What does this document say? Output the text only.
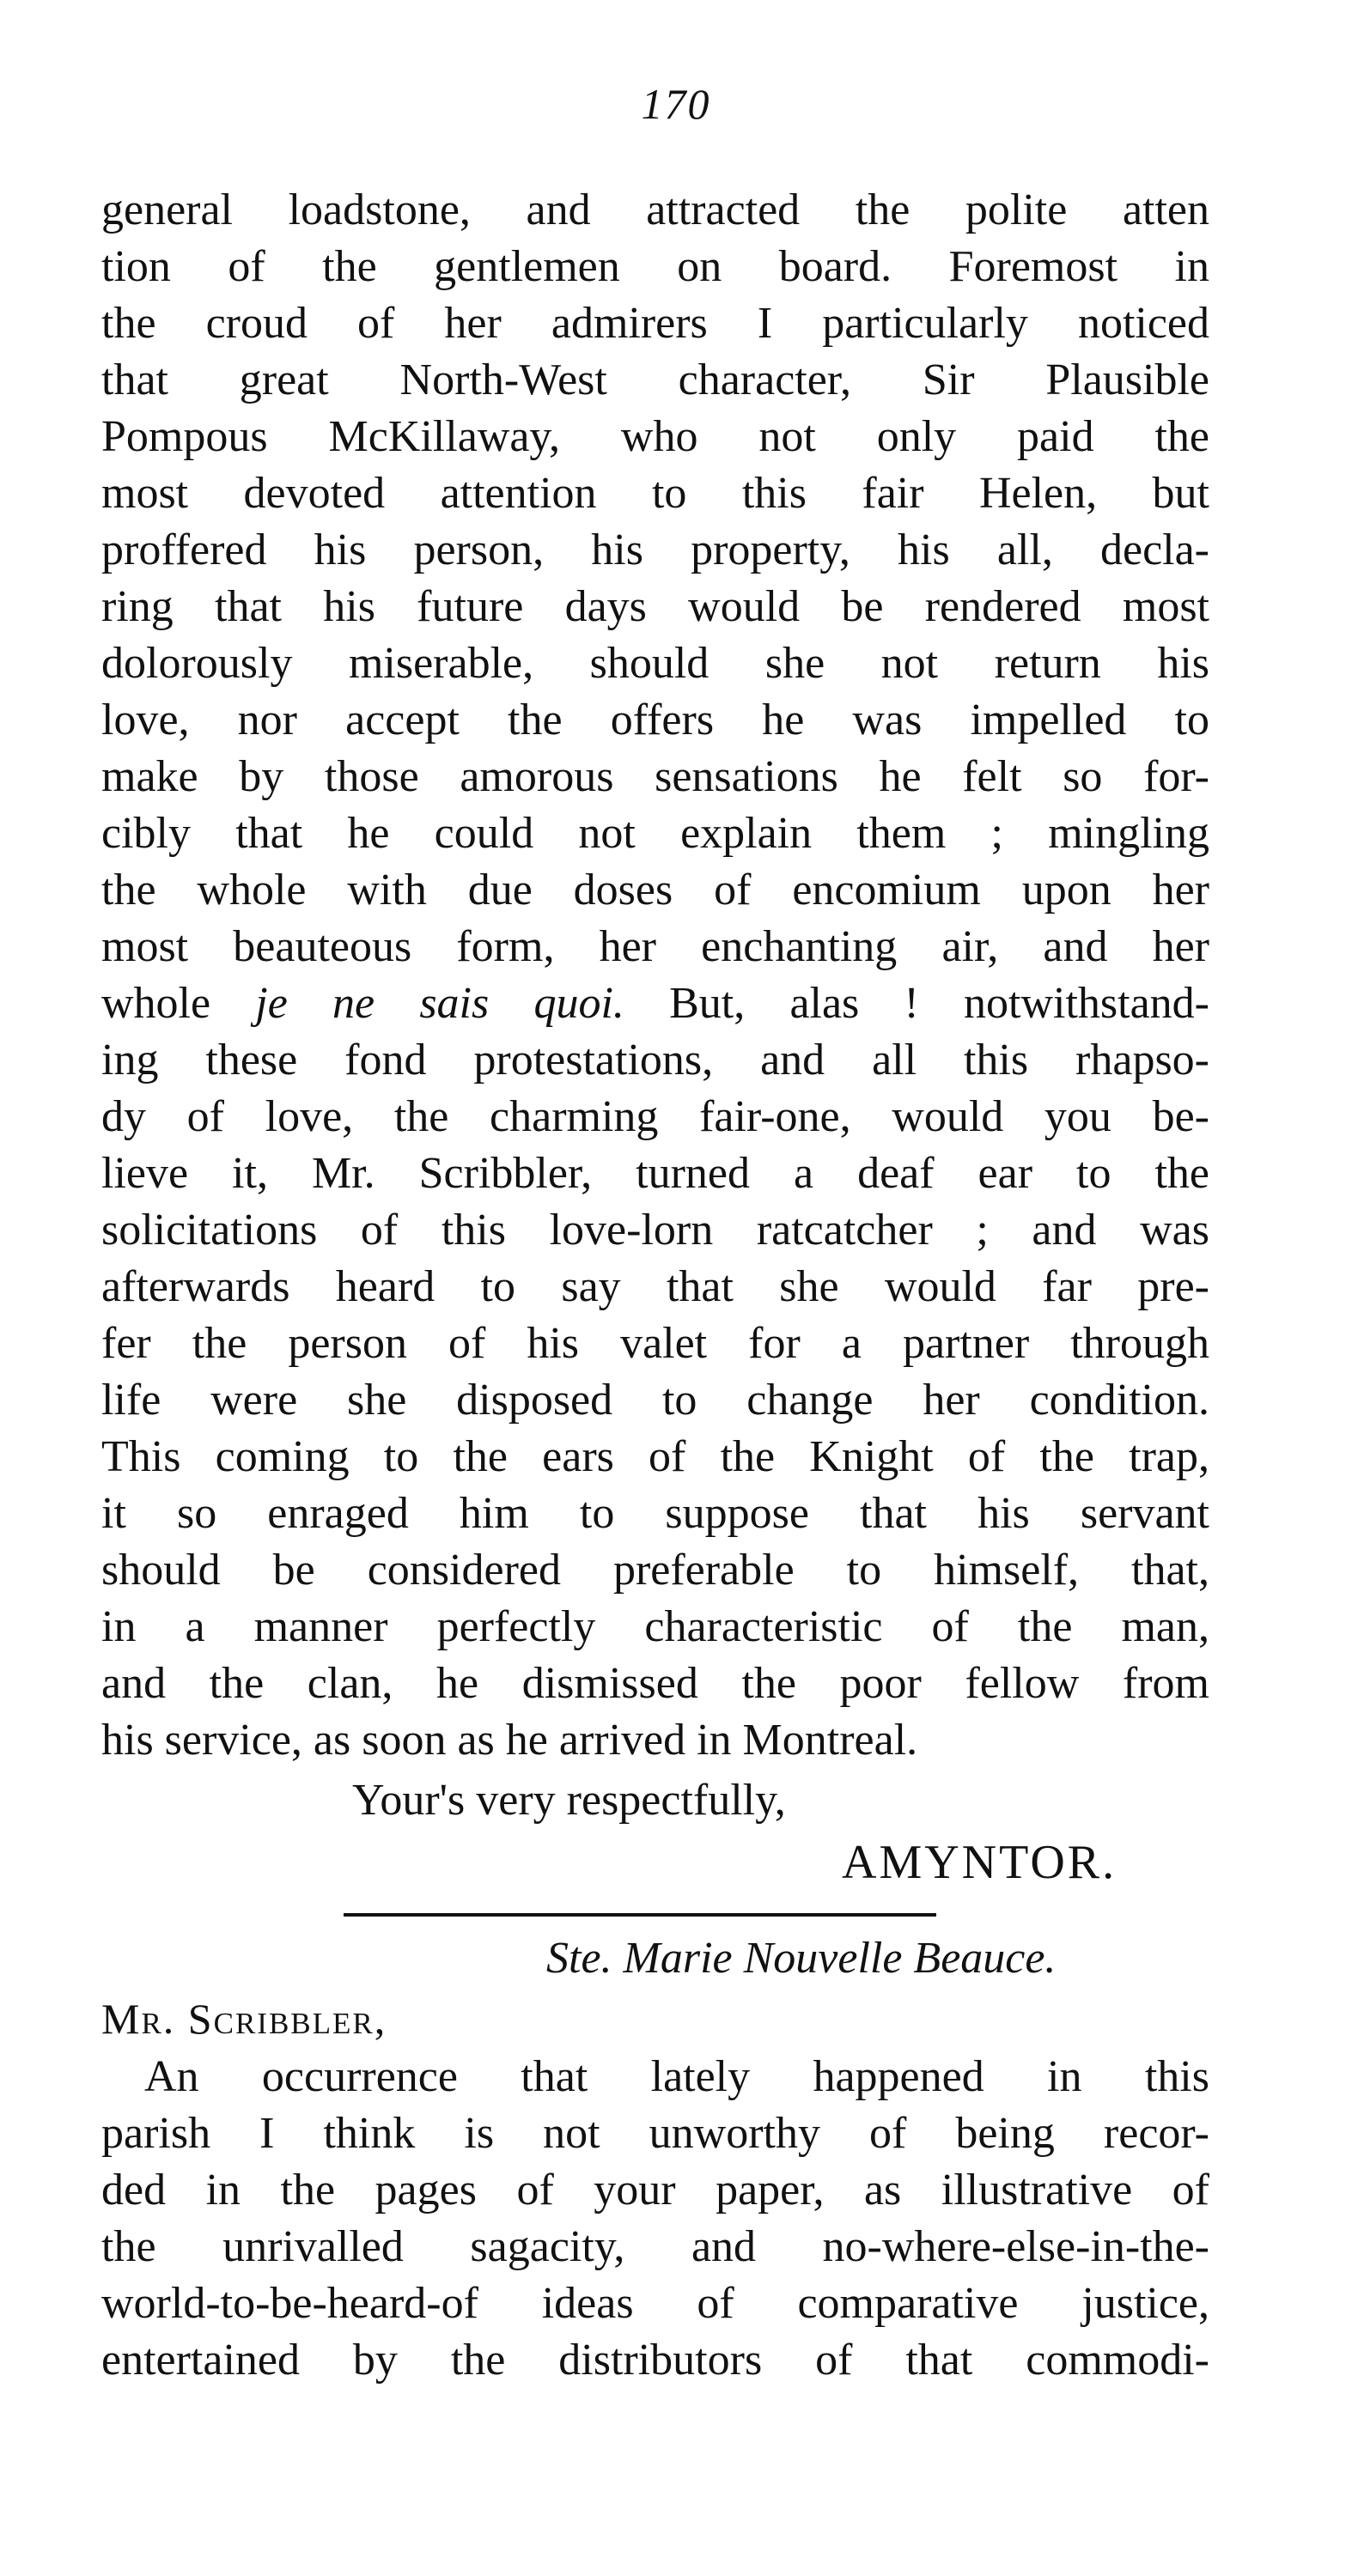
170
general loadstone, and attracted the polite atten
tion of the gentlemen on board. Foremost in
the croud of her admirers I particularly noticed
that great North-West character, Sir Plausible
Pompous McKillaway, who not only paid the
most devoted attention to this fair Helen, but
proffered his person, his property, his all, decla-
ring that his future days would be rendered most
dolorously miserable, should she not return his
love, nor accept the offers he was impelled to
make by those amorous sensations he felt so for-
cibly that he could not explain them ; mingling
the whole with due doses of encomium upon her
most beauteous form, her enchanting air, and her
whole je ne sais quoi. But, alas ! notwithstand-
ing these fond protestations, and all this rhapso-
dy of love, the charming fair-one, would you be-
lieve it, Mr. Scribbler, turned a deaf ear to the
solicitations of this love-lorn ratcatcher ; and was
afterwards heard to say that she would far pre-
fer the person of his valet for a partner through
life were she disposed to change her condition.
This coming to the ears of the Knight of the trap,
it so enraged him to suppose that his servant
should be considered preferable to himself, that,
in a manner perfectly characteristic of the man,
and the clan, he dismissed the poor fellow from
his service, as soon as he arrived in Montreal.
Your's very respectfully,
AMYNTOR.
Ste. Marie Nouvelle Beauce.
Mr. Scribbler,
An occurrence that lately happened in this
parish I think is not unworthy of being recor-
ded in the pages of your paper, as illustrative of
the unrivalled sagacity, and no-where-else-in-the-
world-to-be-heard-of ideas of comparative justice,
entertained by the distributors of that commodi-
